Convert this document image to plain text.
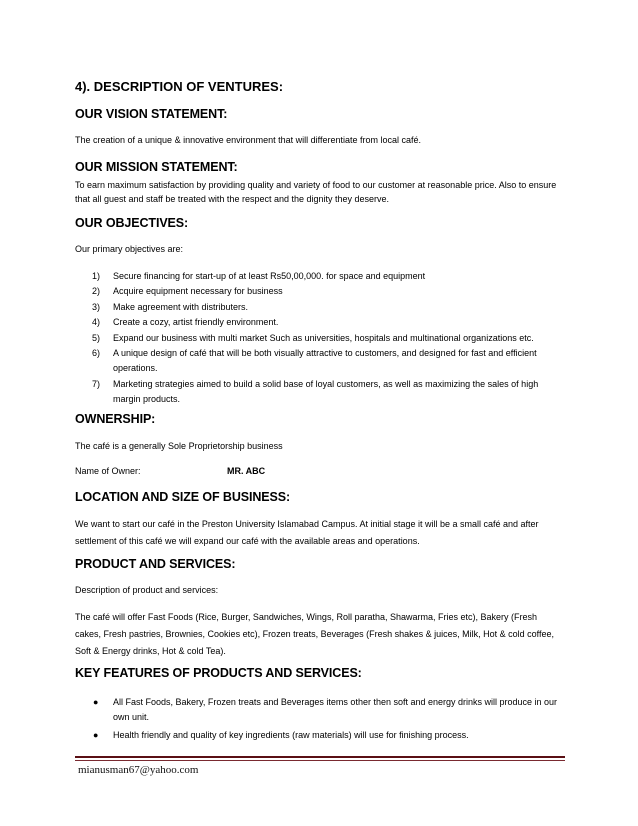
4). DESCRIPTION OF VENTURES:
OUR VISION STATEMENT:

The creation of a unique & innovative environment that will differentiate from local café.

OUR MISSION STATEMENT:

To earn maximum satisfaction by providing quality and variety of food to our customer at reasonable price. Also to ensure that all guest and staff be treated with the respect and the dignity they deserve.

OUR OBJECTIVES:

Our primary objectives are:

1) Secure financing for start-up of at least Rs50,00,000. for space and equipment
2) Acquire equipment necessary for business
3) Make agreement with distributers.
4) Create a cozy, artist friendly environment.
5) Expand our business with multi market Such as universities, hospitals and multinational organizations etc.
6) A unique design of café that will be both visually attractive to customers, and designed for fast and efficient operations.
7) Marketing strategies aimed to build a solid base of loyal customers, as well as maximizing the sales of high margin products.
OWNERSHIP:

The café is a generally Sole Proprietorship business

Name of Owner:	MR. ABC
LOCATION AND SIZE OF BUSINESS:

We want to start our café in the Preston University Islamabad Campus. At initial stage it will be a small café and after settlement of this café we will expand our café with the available areas and operations.

PRODUCT AND SERVICES:

Description of product and services:

The café will offer Fast Foods (Rice, Burger, Sandwiches, Wings, Roll paratha, Shawarma, Fries etc), Bakery (Fresh cakes, Fresh pastries, Brownies, Cookies etc), Frozen treats, Beverages (Fresh shakes & juices, Milk, Hot & cold coffee, Soft & Energy drinks, Hot & cold Tea).

KEY FEATURES OF PRODUCTS AND SERVICES:
● All Fast Foods, Bakery, Frozen treats and Beverages items other then soft and energy drinks will produce in our own unit.
● Health friendly and quality of key ingredients (raw materials) will use for finishing process.
mianusman67@yahoo.com
